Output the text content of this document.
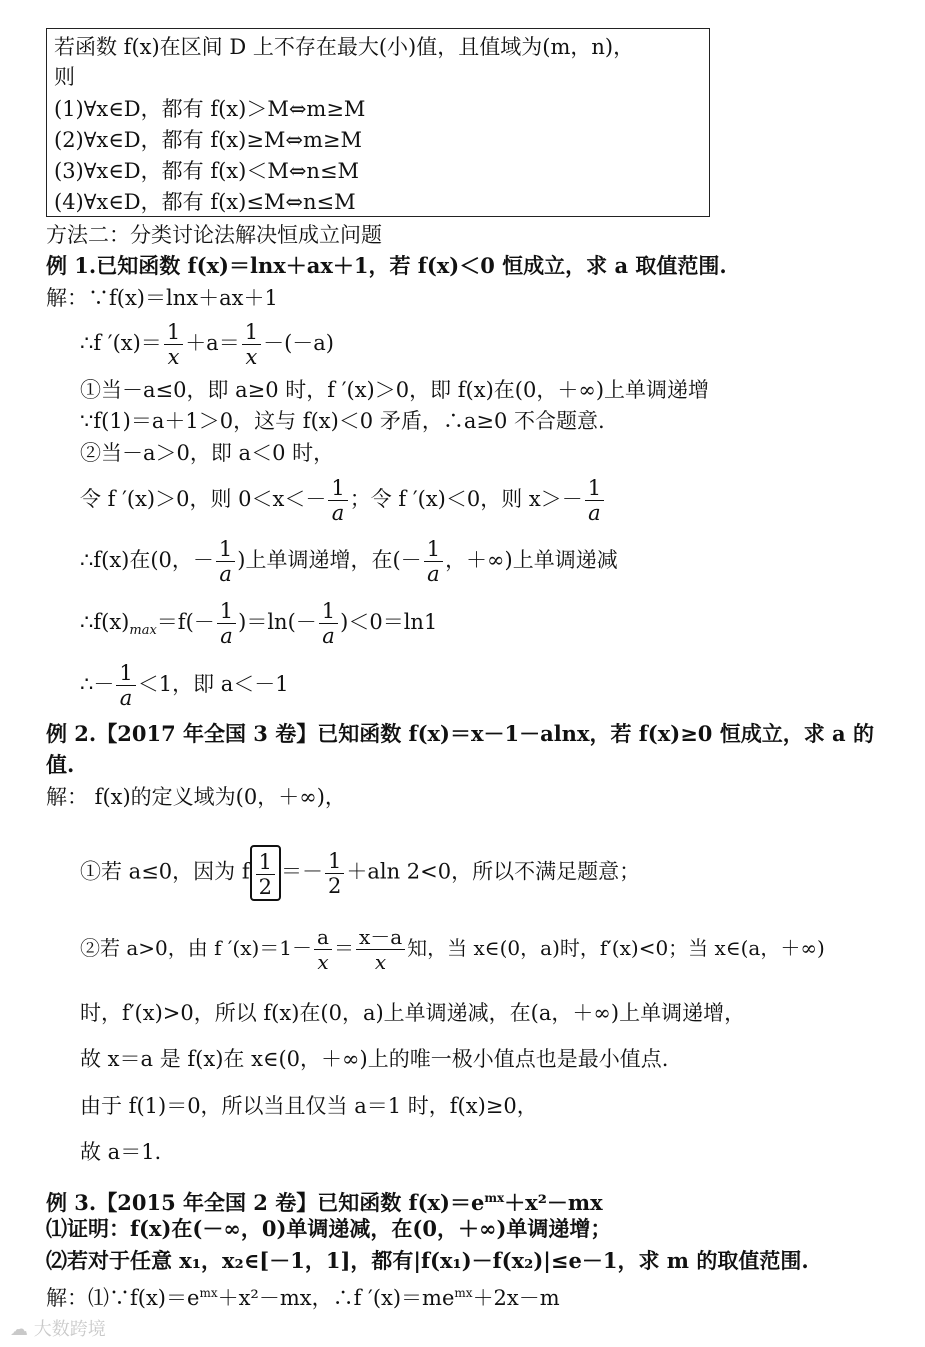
若函数 f(x)在区间 D 上不存在最大(小)值，且值域为(m，n)，
则
(1)∀x∈D，都有 f(x)＞M⇔m≥M
(2)∀x∈D，都有 f(x)≥M⇔m≥M
(3)∀x∈D，都有 f(x)＜M⇔n≤M
(4)∀x∈D，都有 f(x)≤M⇔n≤M
方法二：分类讨论法解决恒成立问题
例 1.已知函数 f(x)＝lnx＋ax＋1，若 f(x)＜0 恒成立，求 a 取值范围.
解：∵f(x)＝lnx＋ax＋1
∴f $'(x)= \frac{1}{x} +a= \frac{1}{x} -(-a)$
①当－a≤0，即 a≥0 时，f ′(x)＞0，即 f(x)在(0，＋∞)上单调递增
∵f(1)＝a＋1＞0，这与 f(x)＜0 矛盾，∴a≥0 不合题意.
②当－a＞0，即 a＜0 时，
令 f ′(x)＞0，则 $0<x<- \frac{1}{a}$ ；令 f ′(x)＜0，则 $x>- \frac{1}{a}$
∴f(x)在(0，－ $\frac{1}{a}$ )上单调递增，在(－ $\frac{1}{a}$ ，＋∞)上单调递减
$\therefore f(x)_{max}=f(- \frac{1}{a} )=\ln(- \frac{1}{a} )<0=\ln 1$
∴－ $\frac{1}{a} <1$，即 a＜－1
例 2.【2017 年全国 3 卷】已知函数 f(x)＝x－1－alnx，若 f(x)≥0 恒成立，求 a 的
值.
解： f(x)的定义域为(0，＋∞)，
①若 a≤0，因为 f $\frac{1}{2} =- \frac{1}{2} +aln$ 2<0，所以不满足题意；
②若 a>0，由 f $'(x)=1- \frac{a}{x} = \frac{x-a}{x}$ 知，当 x∈(0，a)时，f′(x)<0；当 x∈(a，＋∞)
时，f′(x)>0，所以 f(x)在(0，a)上单调递减，在(a，＋∞)上单调递增，
故 x＝a 是 f(x)在 x∈(0，＋∞)上的唯一极小值点也是最小值点.
由于 f(1)＝0，所以当且仅当 a＝1 时，f(x)≥0，
故 a＝1.
例 3.【2015 年全国 2 卷】已知函数 $f(x)=e^{mx}+x^2-mx$
⑴证明：f(x)在(－∞，0)单调递减，在(0，＋∞)单调递增；
⑵若对于任意 x₁，x₂∈[－1，1]，都有|f(x₁)－f(x₂)|≤e－1，求 m 的取值范围.
解：$⑴\because f(x)=e^{mx}+x^2-mx$，∴f $'(x)=me^{mx}+2x-m$
☁ 大数跨境
